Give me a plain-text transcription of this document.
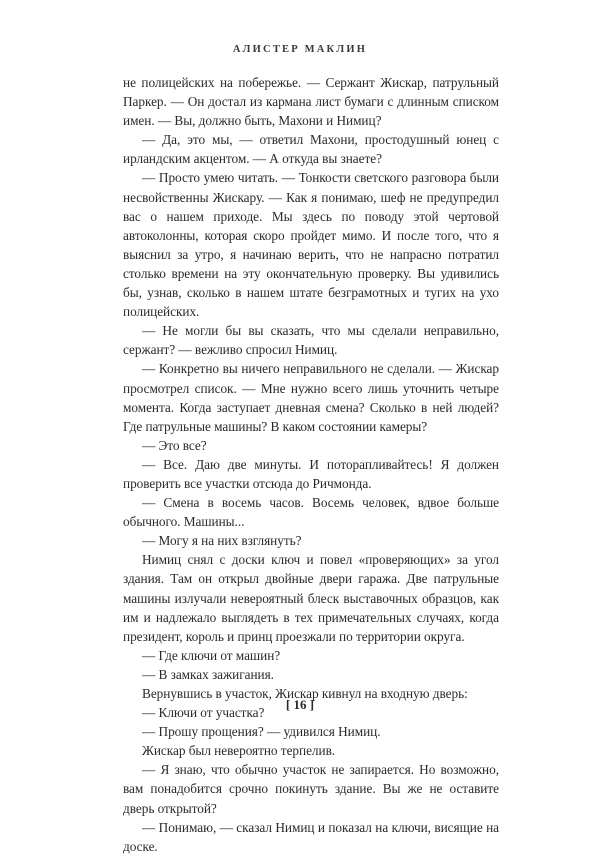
АЛИСТЕР МАКЛИН

не полицейских на побережье. — Сержант Жискар, патрульный Паркер. — Он достал из кармана лист бумаги с длинным списком имен. — Вы, должно быть, Махони и Нимиц?

— Да, это мы, — ответил Махони, простодушный юнец с ирландским акцентом. — А откуда вы знаете?

— Просто умею читать. — Тонкости светского разговора были несвойственны Жискару. — Как я понимаю, шеф не предупредил вас о нашем приходе. Мы здесь по поводу этой чертовой автоколонны, которая скоро пройдет мимо. И после того, что я выяснил за утро, я начинаю верить, что не напрасно потратил столько времени на эту окончательную проверку. Вы удивились бы, узнав, сколько в нашем штате безграмотных и тугих на ухо полицейских.

— Не могли бы вы сказать, что мы сделали неправильно, сержант? — вежливо спросил Нимиц.

— Конкретно вы ничего неправильного не сделали. — Жискар просмотрел список. — Мне нужно всего лишь уточнить четыре момента. Когда заступает дневная смена? Сколько в ней людей? Где патрульные машины? В каком состоянии камеры?

— Это все?

— Все. Даю две минуты. И поторапливайтесь! Я должен проверить все участки отсюда до Ричмонда.

— Смена в восемь часов. Восемь человек, вдвое больше обычного. Машины...

— Могу я на них взглянуть?

Нимиц снял с доски ключ и повел «проверяющих» за угол здания. Там он открыл двойные двери гаража. Две патрульные машины излучали невероятный блеск выставочных образцов, как им и надлежало выглядеть в тех примечательных случаях, когда президент, король и принц проезжали по территории округа.

— Где ключи от машин?

— В замках зажигания.

Вернувшись в участок, Жискар кивнул на входную дверь:

— Ключи от участка?

— Прошу прощения? — удивился Нимиц.

Жискар был невероятно терпелив.

— Я знаю, что обычно участок не запирается. Но возможно, вам понадобится срочно покинуть здание. Вы же не оставите дверь открытой?

— Понимаю, — сказал Нимиц и показал на ключи, висящие на доске.

[ 16 ]
